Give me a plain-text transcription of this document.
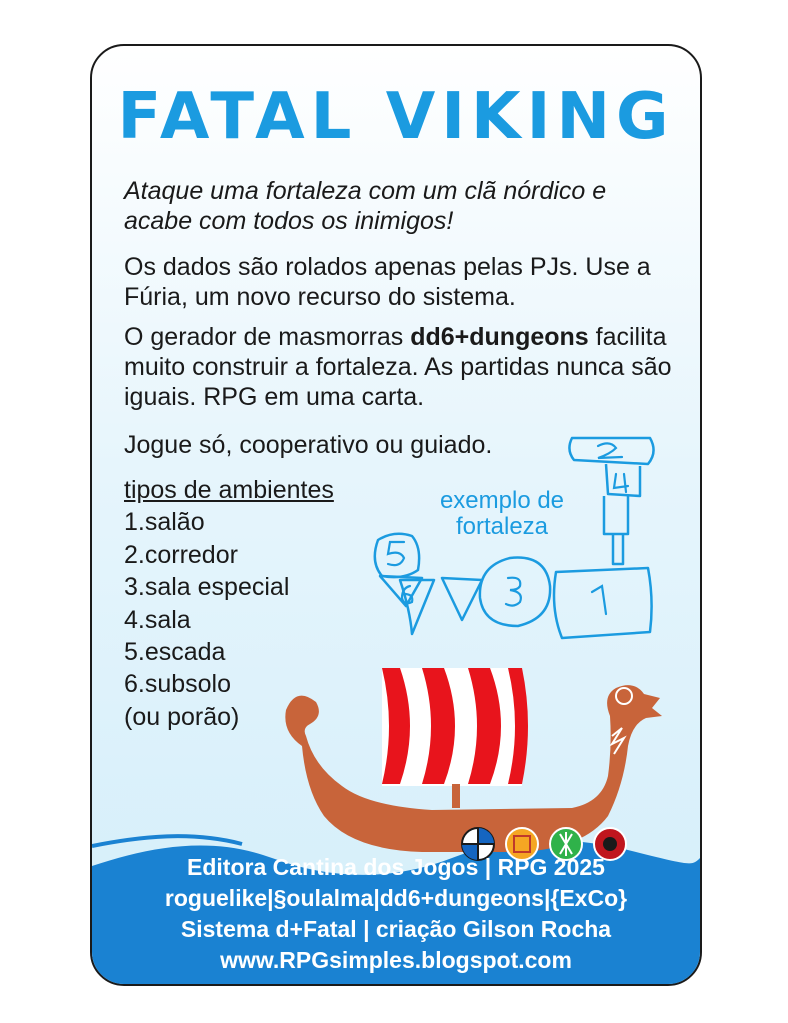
FATAL VIKING
Ataque uma fortaleza com um clã nórdico e acabe com todos os inimigos!
Os dados são rolados apenas pelas PJs. Use a Fúria, um novo recurso do sistema.
O gerador de masmorras dd6+dungeons facilita muito construir a fortaleza. As partidas nunca são iguais. RPG em uma carta.
Jogue só, cooperativo ou guiado.
tipos de ambientes
1.salão
2.corredor
3.sala especial
4.sala
5.escada
6.subsolo
(ou porão)
exemplo de
fortaleza
Editora Cantina dos Jogos | RPG 2025
roguelike|§oulalma|dd6+dungeons|{ExCo}
Sistema d+Fatal | criação Gilson Rocha
www.RPGsimples.blogspot.com
